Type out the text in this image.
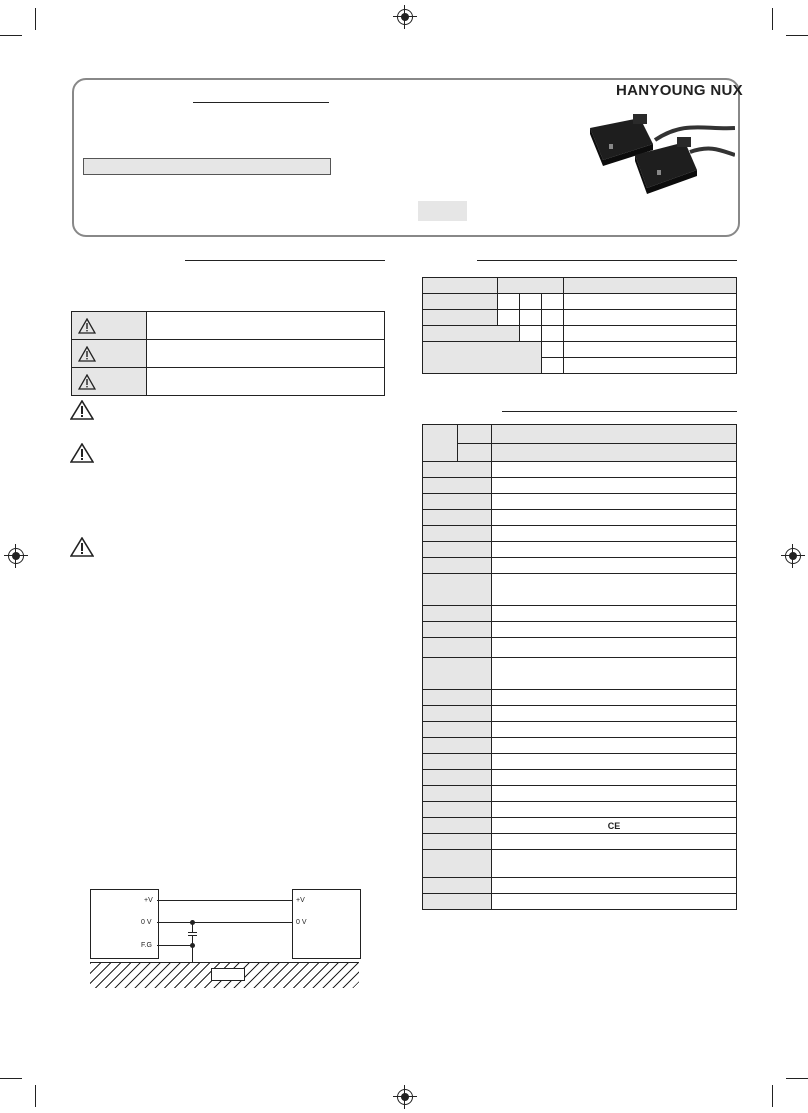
HANYOUNG NUX

+V
0 V
F.G
+V
0 V

		CE
